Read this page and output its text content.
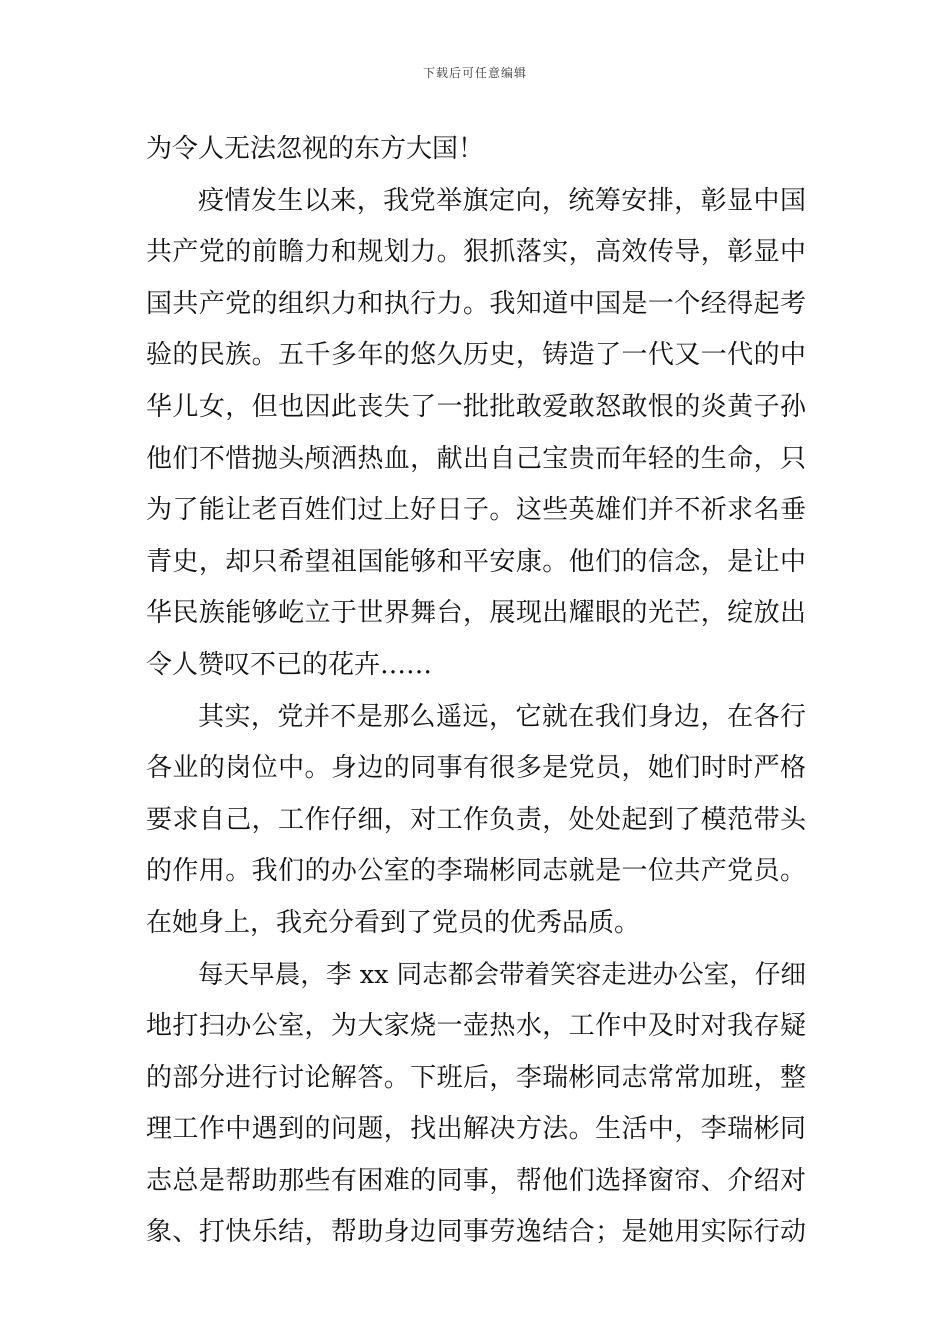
下载后可任意编辑
为令人无法忽视的东方大国！
疫情发生以来，我党举旗定向，统筹安排，彰显中国
共产党的前瞻力和规划力。狠抓落实，高效传导，彰显中
国共产党的组织力和执行力。我知道中国是一个经得起考
验的民族。五千多年的悠久历史，铸造了一代又一代的中
华儿女，但也因此丧失了一批批敢爱敢怒敢恨的炎黄子孙
他们不惜抛头颅洒热血，献出自己宝贵而年轻的生命，只
为了能让老百姓们过上好日子。这些英雄们并不祈求名垂
青史，却只希望祖国能够和平安康。他们的信念，是让中
华民族能够屹立于世界舞台，展现出耀眼的光芒，绽放出
令人赞叹不已的花卉……
其实，党并不是那么遥远，它就在我们身边，在各行
各业的岗位中。身边的同事有很多是党员，她们时时严格
要求自己，工作仔细，对工作负责，处处起到了模范带头
的作用。我们的办公室的李瑞彬同志就是一位共产党员。
在她身上，我充分看到了党员的优秀品质。
每天早晨，李 xx 同志都会带着笑容走进办公室，仔细
地打扫办公室，为大家烧一壶热水，工作中及时对我存疑
的部分进行讨论解答。下班后，李瑞彬同志常常加班，整
理工作中遇到的问题，找出解决方法。生活中，李瑞彬同
志总是帮助那些有困难的同事，帮他们选择窗帘、介绍对
象、打快乐结，帮助身边同事劳逸结合；是她用实际行动
